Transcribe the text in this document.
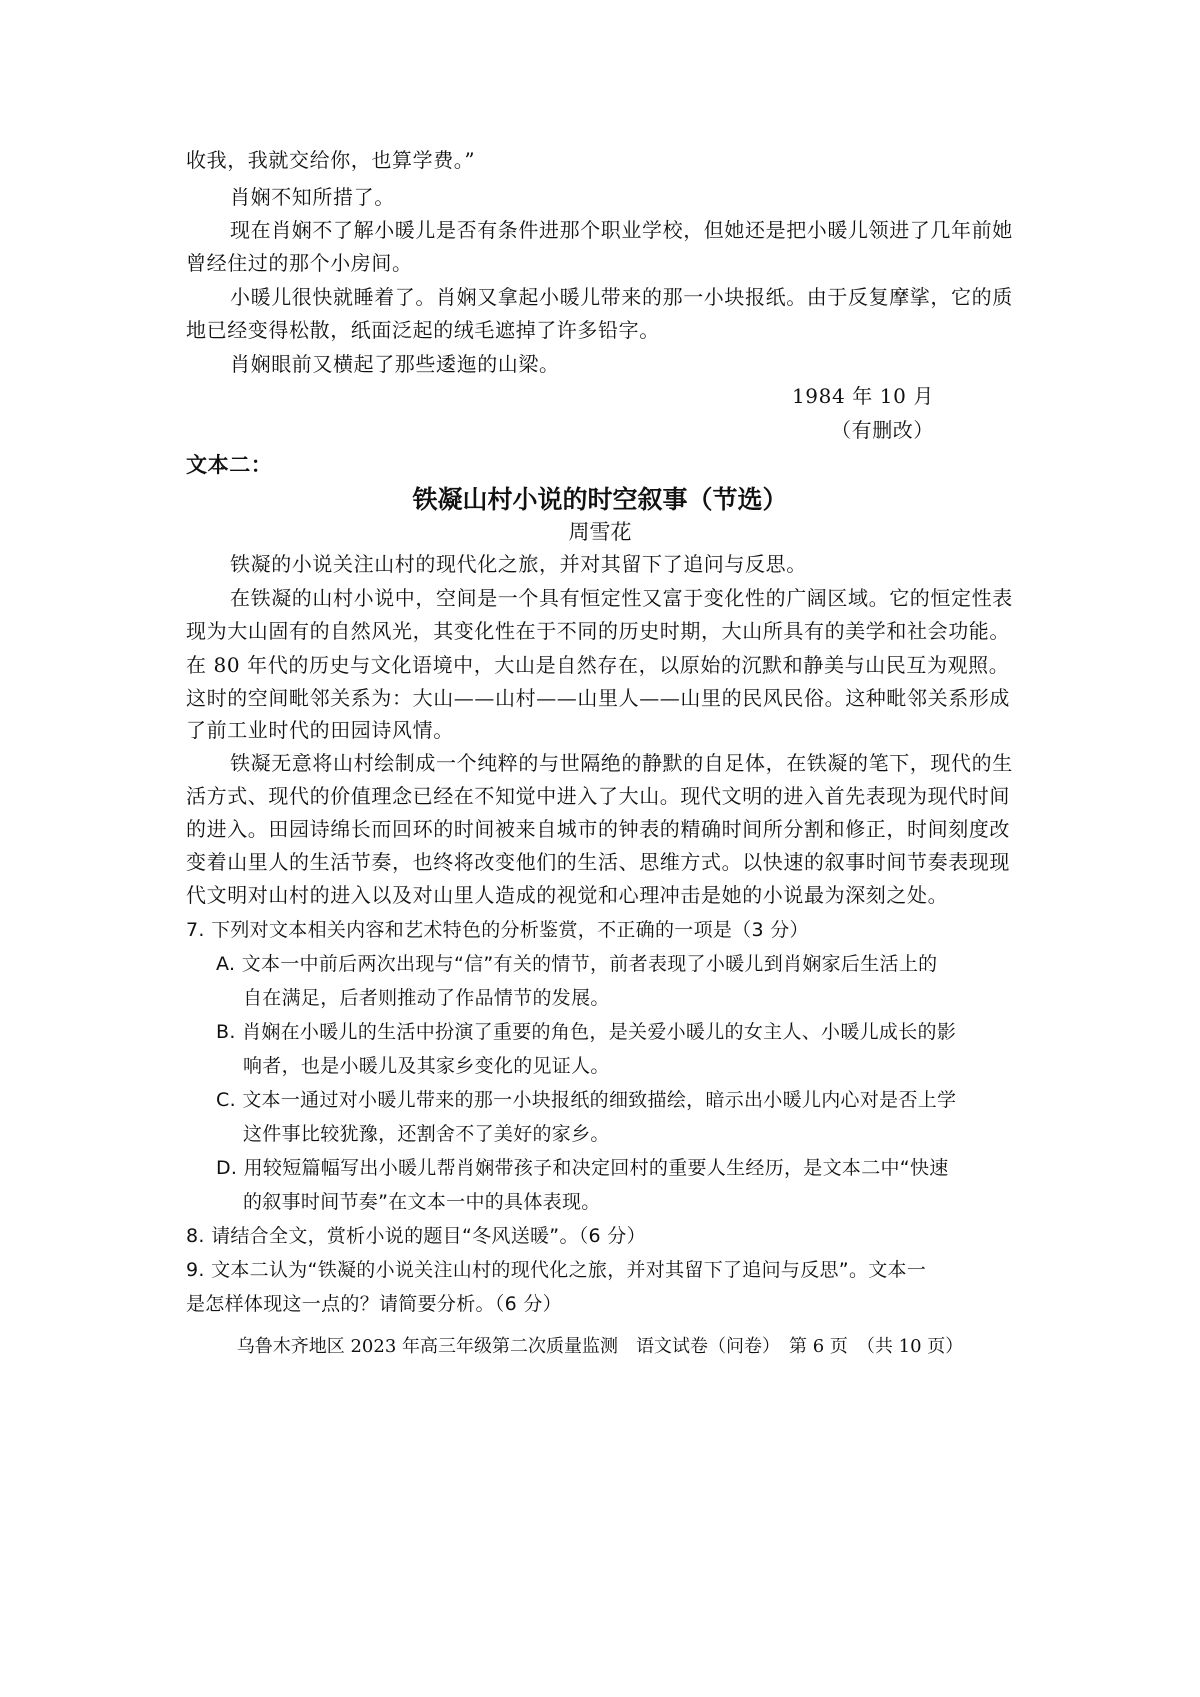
收我，我就交给你，也算学费。”
肖娴不知所措了。
现在肖娴不了解小暖儿是否有条件进那个职业学校，但她还是把小暖儿领进了几年前她
曾经住过的那个小房间。
小暖儿很快就睡着了。肖娴又拿起小暖儿带来的那一小块报纸。由于反复摩挲，它的质
地已经变得松散，纸面泛起的绒毛遮掉了许多铅字。
肖娴眼前又横起了那些逶迤的山梁。
1984 年 10 月
（有删改）
文本二：
铁凝山村小说的时空叙事（节选）
周雪花
铁凝的小说关注山村的现代化之旅，并对其留下了追问与反思。
在铁凝的山村小说中，空间是一个具有恒定性又富于变化性的广阔区域。它的恒定性表
现为大山固有的自然风光，其变化性在于不同的历史时期，大山所具有的美学和社会功能。
在 80 年代的历史与文化语境中，大山是自然存在，以原始的沉默和静美与山民互为观照。
这时的空间毗邻关系为：大山——山村——山里人——山里的民风民俗。这种毗邻关系形成
了前工业时代的田园诗风情。
铁凝无意将山村绘制成一个纯粹的与世隔绝的静默的自足体，在铁凝的笔下，现代的生
活方式、现代的价值理念已经在不知觉中进入了大山。现代文明的进入首先表现为现代时间
的进入。田园诗绵长而回环的时间被来自城市的钟表的精确时间所分割和修正，时间刻度改
变着山里人的生活节奏，也终将改变他们的生活、思维方式。以快速的叙事时间节奏表现现
代文明对山村的进入以及对山里人造成的视觉和心理冲击是她的小说最为深刻之处。
7. 下列对文本相关内容和艺术特色的分析鉴赏，不正确的一项是（3 分）
A. 文本一中前后两次出现与“信”有关的情节，前者表现了小暖儿到肖娴家后生活上的
自在满足，后者则推动了作品情节的发展。
B. 肖娴在小暖儿的生活中扮演了重要的角色，是关爱小暖儿的女主人、小暖儿成长的影
响者，也是小暖儿及其家乡变化的见证人。
C. 文本一通过对小暖儿带来的那一小块报纸的细致描绘，暗示出小暖儿内心对是否上学
这件事比较犹豫，还割舍不了美好的家乡。
D. 用较短篇幅写出小暖儿帮肖娴带孩子和决定回村的重要人生经历，是文本二中“快速
的叙事时间节奏”在文本一中的具体表现。
8. 请结合全文，赏析小说的题目“冬风送暖”。（6 分）
9. 文本二认为“铁凝的小说关注山村的现代化之旅，并对其留下了追问与反思”。文本一
是怎样体现这一点的？请简要分析。（6 分）
乌鲁木齐地区 2023 年高三年级第二次质量监测　语文试卷（问卷）　第 6 页　（共 10 页）
